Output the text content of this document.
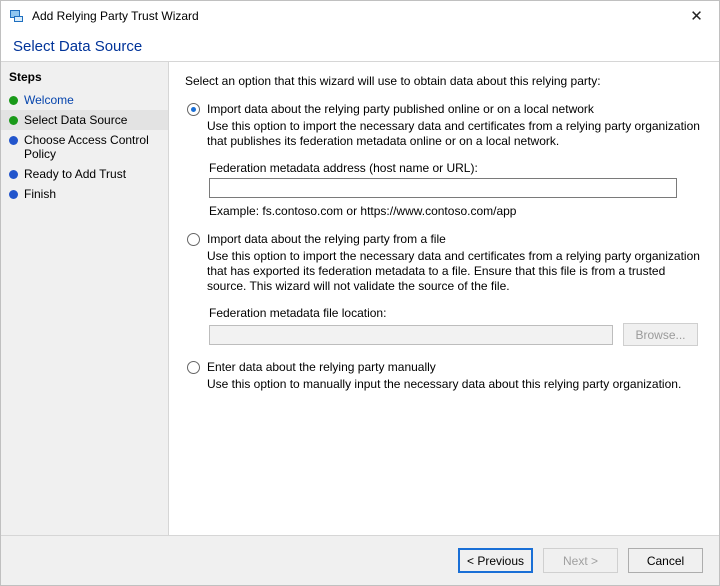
Add Relying Party Trust Wizard	✕
Select Data Source
Steps
Welcome
Select Data Source
Choose Access Control Policy
Ready to Add Trust
Finish

Select an option that this wizard will use to obtain data about this relying party:

Import data about the relying party published online or on a local network
Use this option to import the necessary data and certificates from a relying party organization that publishes its federation metadata online or on a local network.
Federation metadata address (host name or URL):
Example: fs.contoso.com or https://www.contoso.com/app
Import data about the relying party from a file
Use this option to import the necessary data and certificates from a relying party organization that has exported its federation metadata to a file. Ensure that this file is from a trusted source. This wizard will not validate the source of the file.
Federation metadata file location:
Browse...
Enter data about the relying party manually
Use this option to manually input the necessary data about this relying party organization.
< Previous	Next >	Cancel
